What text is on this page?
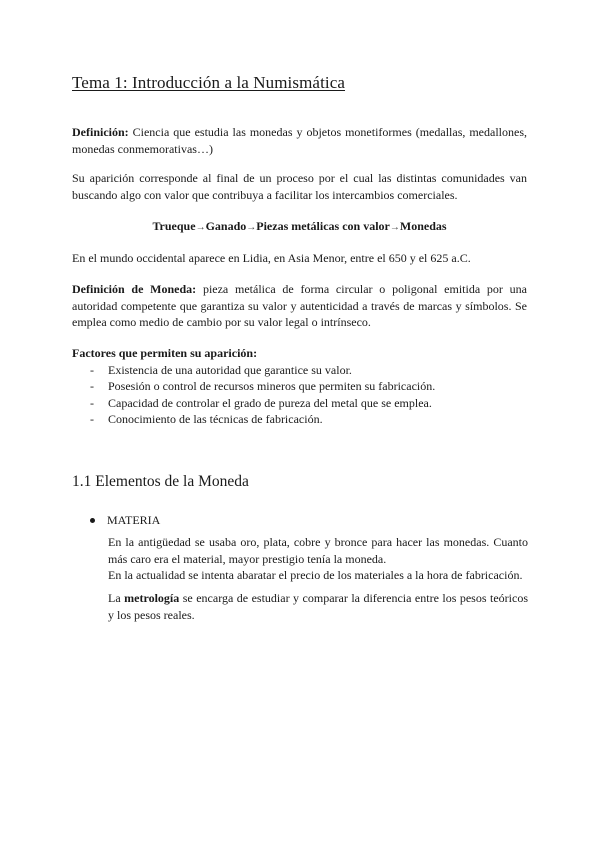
Tema 1: Introducción a la Numismática

Definición: Ciencia que estudia las monedas y objetos monetiformes (medallas, medallones, monedas conmemorativas…)

Su aparición corresponde al final de un proceso por el cual las distintas comunidades van buscando algo con valor que contribuya a facilitar los intercambios comerciales.

Trueque→Ganado→Piezas metálicas con valor→Monedas

En el mundo occidental aparece en Lidia, en Asia Menor, entre el 650 y el 625 a.C.

Definición de Moneda: pieza metálica de forma circular o poligonal emitida por una autoridad competente que garantiza su valor y autenticidad a través de marcas y símbolos. Se emplea como medio de cambio por su valor legal o intrínseco.

Factores que permiten su aparición:

- Existencia de una autoridad que garantice su valor.
- Posesión o control de recursos mineros que permiten su fabricación.
- Capacidad de controlar el grado de pureza del metal que se emplea.
- Conocimiento de las técnicas de fabricación.
1.1 Elementos de la Moneda
MATERIA

En la antigüedad se usaba oro, plata, cobre y bronce para hacer las monedas. Cuanto más caro era el material, mayor prestigio tenía la moneda.

En la actualidad se intenta abaratar el precio de los materiales a la hora de fabricación.

La metrología se encarga de estudiar y comparar la diferencia entre los pesos teóricos y los pesos reales.
